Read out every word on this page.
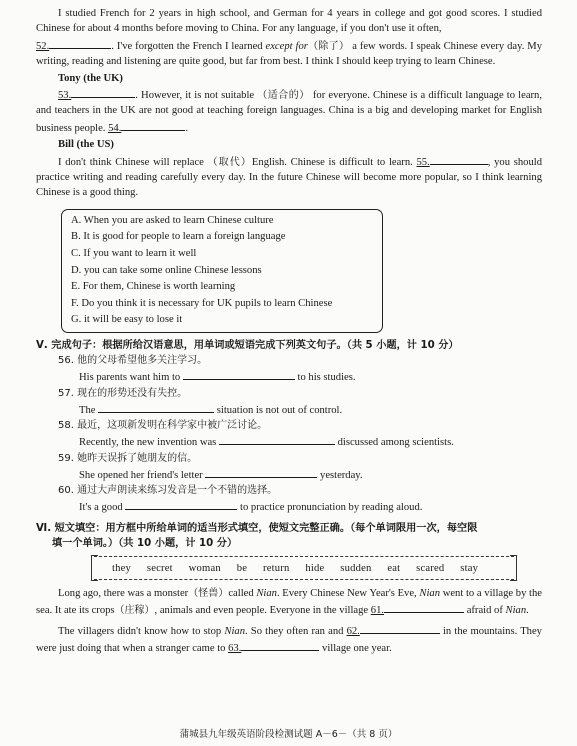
I studied French for 2 years in high school, and German for 4 years in college and got good scores. I studied Chinese for about 4 months before moving to China. For any language, if you don't use it often,
52.	. I've forgotten the French I learned except for（除了） a few words. I speak Chinese every day. My writing, reading and listening are quite good, but far from best. I think I should keep trying to learn Chinese.

Tony (the UK)

53.	. However, it is not suitable （适合的） for everyone. Chinese is a difficult language to learn, and teachers in the UK are not good at teaching foreign languages. China is a big and developing market for English business people. 54.	.

Bill (the US)

I don't think Chinese will replace （取代）English. Chinese is difficult to learn. 55.	, you should practice writing and reading carefully every day. In the future Chinese will become more popular, so I think learning Chinese is a good thing.

A. When you are asked to learn Chinese culture
B. It is good for people to learn a foreign language
C. If you want to learn it well
D. you can take some online Chinese lessons
E. For them, Chinese is worth learning
F. Do you think it is necessary for UK pupils to learn Chinese
G. it will be easy to lose it
Ⅴ. 完成句子：根据所给汉语意思，用单词或短语完成下列英文句子。（共 5 小题，计 10 分）
56. 他的父母希望他多关注学习。
His parents want him to	to his studies.
57. 现在的形势还没有失控。
The	situation is not out of control.
58. 最近，这项新发明在科学家中被广泛讨论。
Recently, the new invention was	discussed among scientists.
59. 她昨天误拆了她朋友的信。
She opened her friend's letter	yesterday.
60. 通过大声朗读来练习发音是一个不错的选择。
It's a good	to practice pronunciation by reading aloud.
Ⅵ. 短文填空：用方框中所给单词的适当形式填空，使短文完整正确。（每个单词限用一次，每空限
填一个单词。）（共 10 小题，计 10 分）
they secret woman be return hide sudden eat scared stay

Long ago, there was a monster（怪兽）called Nian. Every Chinese New Year's Eve, Nian went to a village by the sea. It ate its crops（庄稼）, animals and even people. Everyone in the village 61.	afraid of Nian.

The villagers didn't know how to stop Nian. So they often ran and 62.	in the mountains. They were just doing that when a stranger came to 63.	village one year.

蒲城县九年级英语阶段检测试题 A－6－（共 8 页）
